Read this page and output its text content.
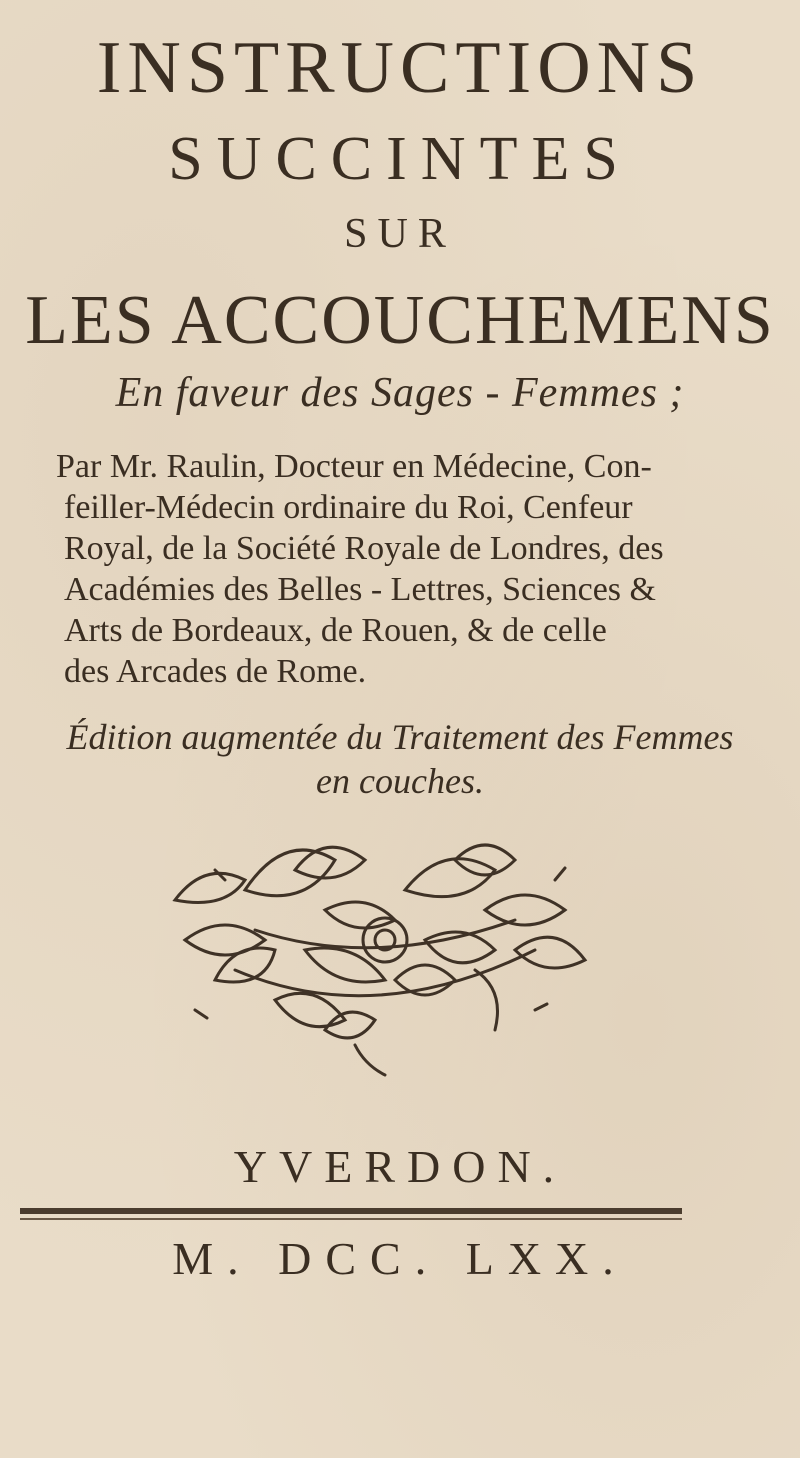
INSTRUCTIONS
SUCCINTES
SUR
LES ACCOUCHEMENS
En faveur des Sages - Femmes ;

Par Mr. Raulin, Docteur en Médecine, Con-

feiller-Médecin ordinaire du Roi, Cenfeur

Royal, de la Société Royale de Londres, des

Académies des Belles - Lettres, Sciences &

Arts de Bordeaux, de Rouen, & de celle

des Arcades de Rome.

Édition augmentée du Traitement des Femmes
en couches.
YVERDON.
M. DCC. LXX.
